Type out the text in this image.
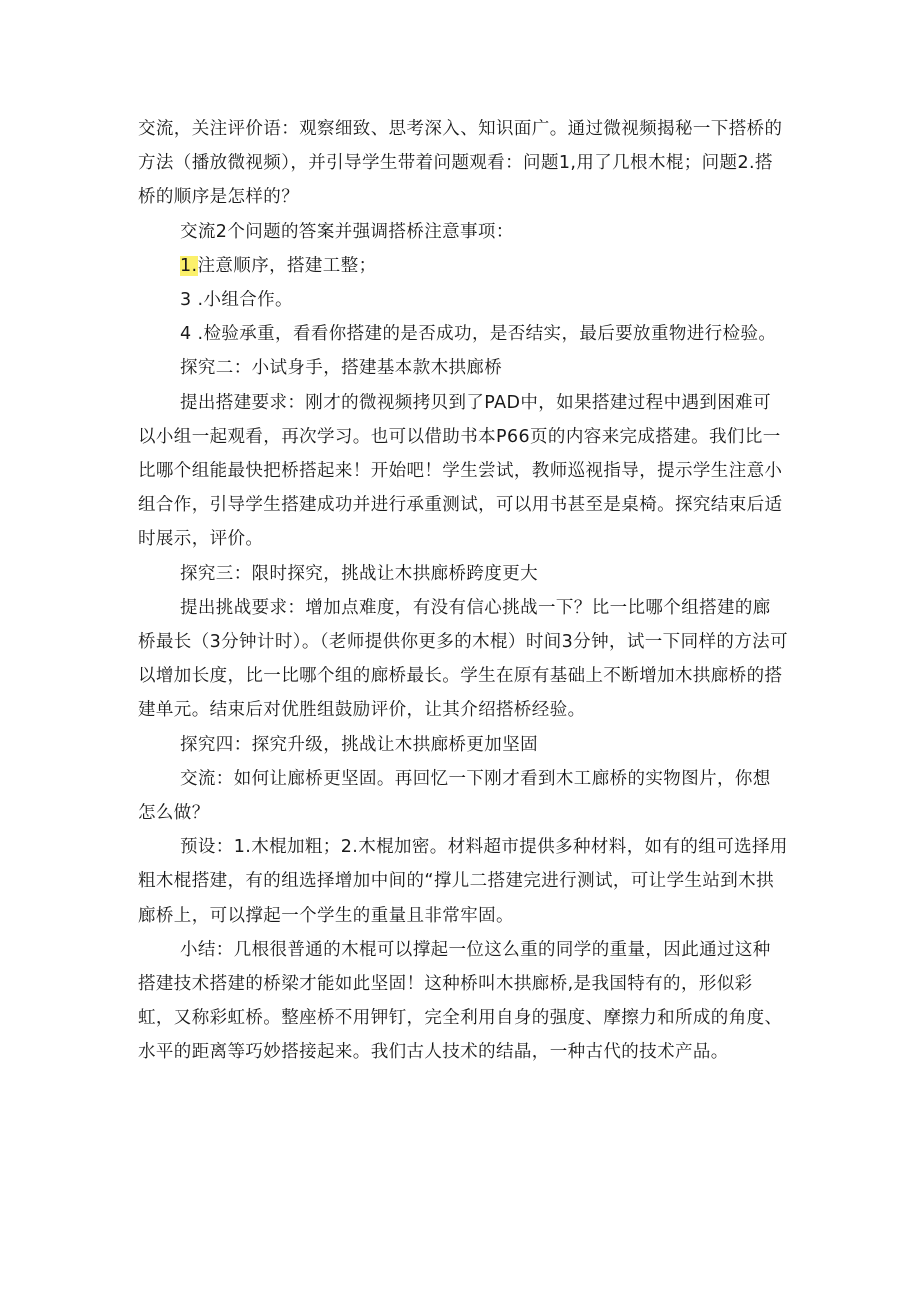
交流，关注评价语：观察细致、思考深入、知识面广。通过微视频揭秘一下搭桥的方法（播放微视频），并引导学生带着问题观看：问题1,用了几根木棍；问题2.搭桥的顺序是怎样的？

交流2个问题的答案并强调搭桥注意事项：

1.注意顺序，搭建工整；

3 .小组合作。

4 .检验承重，看看你搭建的是否成功，是否结实，最后要放重物进行检验。

探究二：小试身手，搭建基本款木拱廊桥

提出搭建要求：刚才的微视频拷贝到了PAD中，如果搭建过程中遇到困难可以小组一起观看，再次学习。也可以借助书本P66页的内容来完成搭建。我们比一比哪个组能最快把桥搭起来！开始吧！学生尝试，教师巡视指导，提示学生注意小组合作，引导学生搭建成功并进行承重测试，可以用书甚至是桌椅。探究结束后适时展示，评价。

探究三：限时探究，挑战让木拱廊桥跨度更大

提出挑战要求：增加点难度，有没有信心挑战一下？比一比哪个组搭建的廊桥最长（3分钟计时）。（老师提供你更多的木棍）时间3分钟，试一下同样的方法可以增加长度，比一比哪个组的廊桥最长。学生在原有基础上不断增加木拱廊桥的搭建单元。结束后对优胜组鼓励评价，让其介绍搭桥经验。

探究四：探究升级，挑战让木拱廊桥更加坚固

交流：如何让廊桥更坚固。再回忆一下刚才看到木工廊桥的实物图片，你想怎么做？

预设：1.木棍加粗；2.木棍加密。材料超市提供多种材料，如有的组可选择用粗木棍搭建，有的组选择增加中间的“撑儿二搭建完进行测试，可让学生站到木拱廊桥上，可以撑起一个学生的重量且非常牢固。

小结：几根很普通的木棍可以撑起一位这么重的同学的重量，因此通过这种搭建技术搭建的桥梁才能如此坚固！这种桥叫木拱廊桥,是我国特有的，形似彩虹，又称彩虹桥。整座桥不用钾钉，完全利用自身的强度、摩擦力和所成的角度、水平的距离等巧妙搭接起来。我们古人技术的结晶，一种古代的技术产品。
